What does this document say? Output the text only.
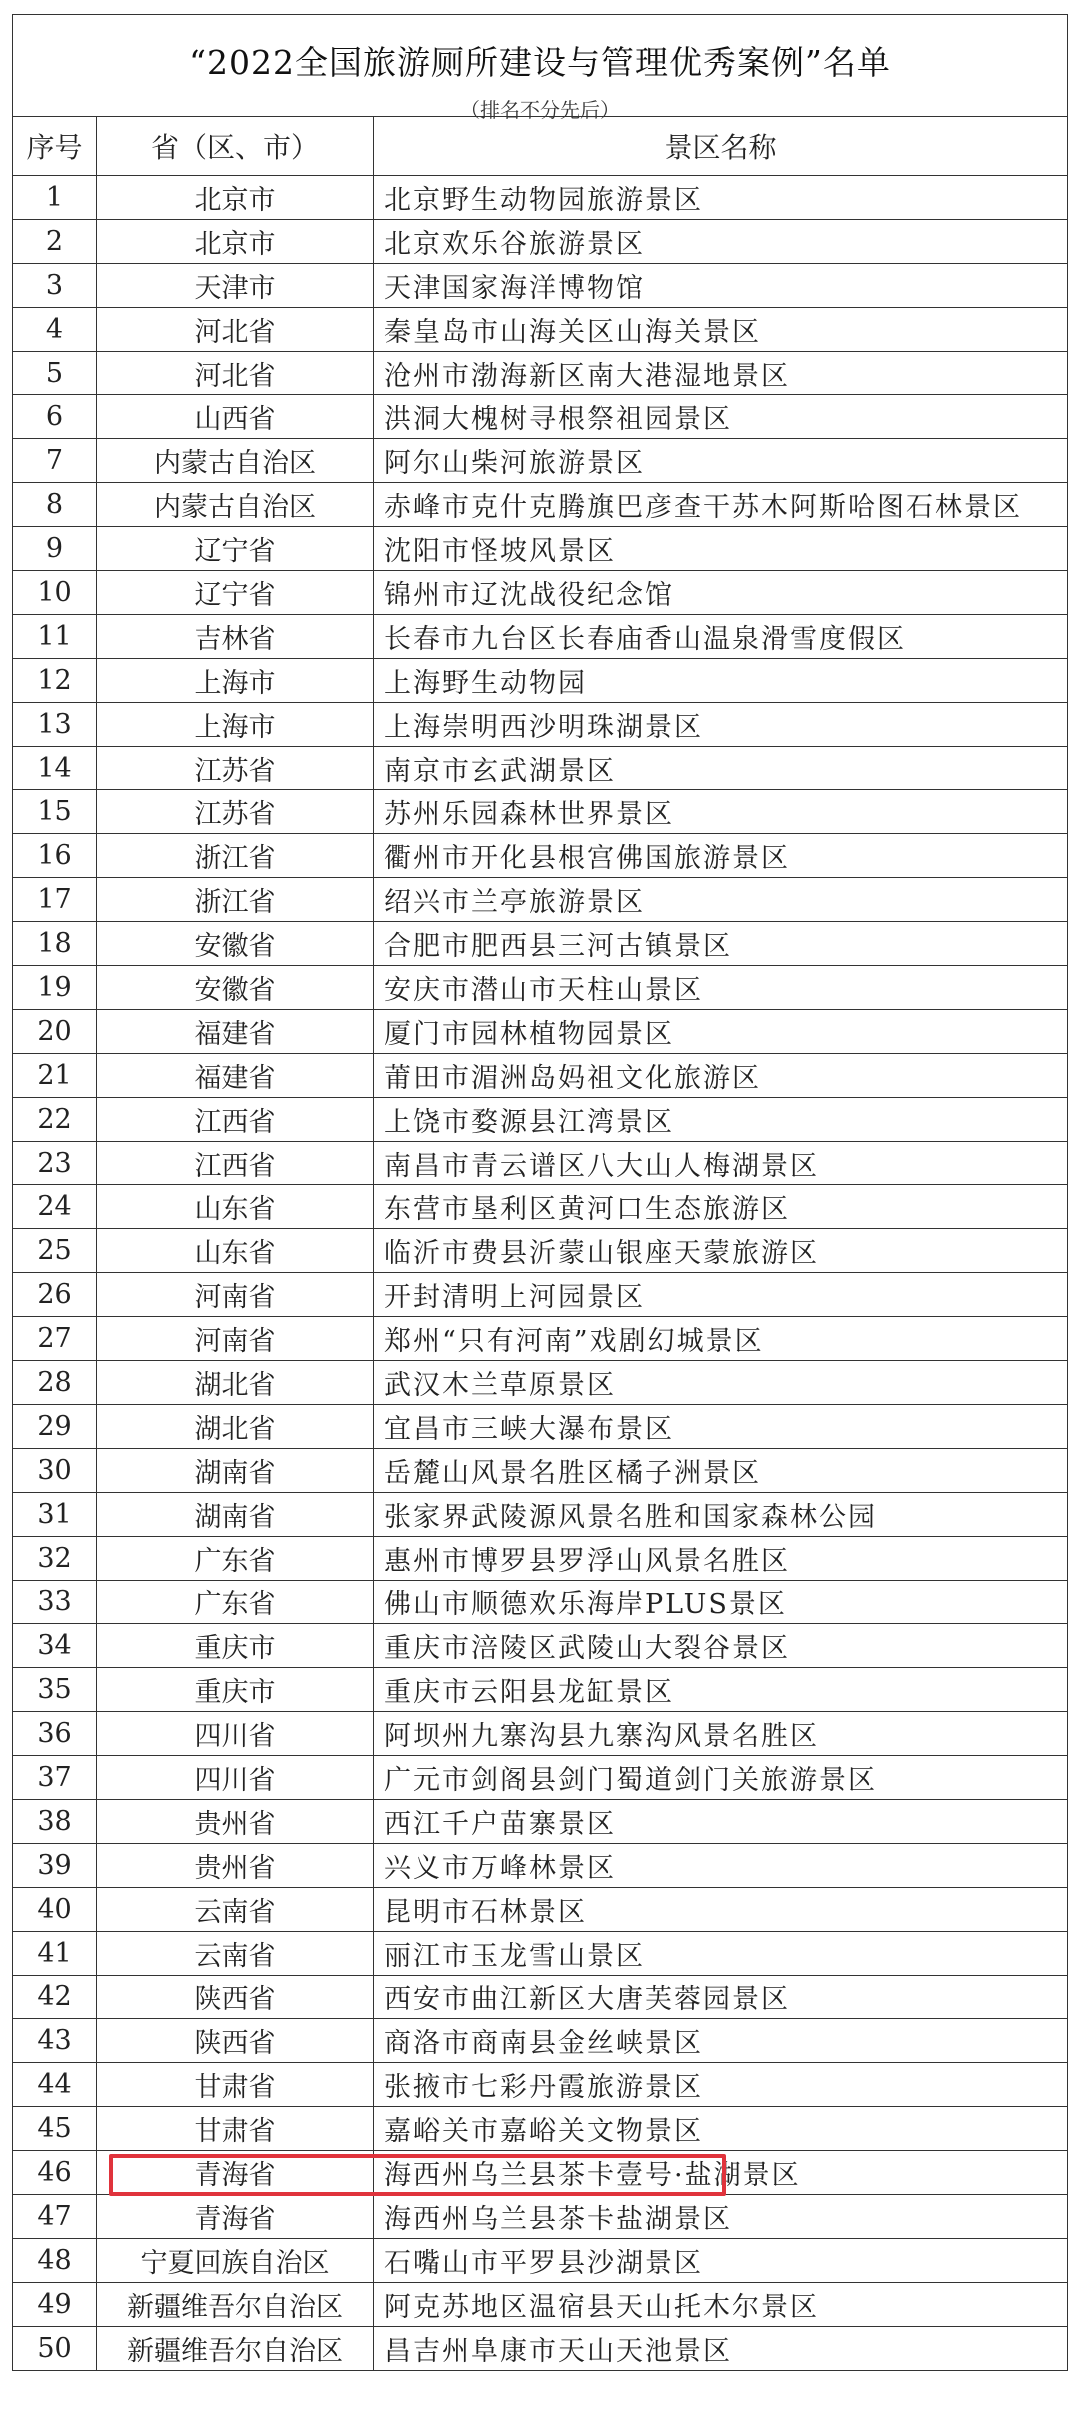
“2022全国旅游厕所建设与管理优秀案例”名单
（排名不分先后）
序号	省（区、市）	景区名称
1	北京市	北京野生动物园旅游景区
2	北京市	北京欢乐谷旅游景区
3	天津市	天津国家海洋博物馆
4	河北省	秦皇岛市山海关区山海关景区
5	河北省	沧州市渤海新区南大港湿地景区
6	山西省	洪洞大槐树寻根祭祖园景区
7	内蒙古自治区	阿尔山柴河旅游景区
8	内蒙古自治区	赤峰市克什克腾旗巴彦查干苏木阿斯哈图石林景区
9	辽宁省	沈阳市怪坡风景区
10	辽宁省	锦州市辽沈战役纪念馆
11	吉林省	长春市九台区长春庙香山温泉滑雪度假区
12	上海市	上海野生动物园
13	上海市	上海崇明西沙明珠湖景区
14	江苏省	南京市玄武湖景区
15	江苏省	苏州乐园森林世界景区
16	浙江省	衢州市开化县根宫佛国旅游景区
17	浙江省	绍兴市兰亭旅游景区
18	安徽省	合肥市肥西县三河古镇景区
19	安徽省	安庆市潜山市天柱山景区
20	福建省	厦门市园林植物园景区
21	福建省	莆田市湄洲岛妈祖文化旅游区
22	江西省	上饶市婺源县江湾景区
23	江西省	南昌市青云谱区八大山人梅湖景区
24	山东省	东营市垦利区黄河口生态旅游区
25	山东省	临沂市费县沂蒙山银座天蒙旅游区
26	河南省	开封清明上河园景区
27	河南省	郑州“只有河南”戏剧幻城景区
28	湖北省	武汉木兰草原景区
29	湖北省	宜昌市三峡大瀑布景区
30	湖南省	岳麓山风景名胜区橘子洲景区
31	湖南省	张家界武陵源风景名胜和国家森林公园
32	广东省	惠州市博罗县罗浮山风景名胜区
33	广东省	佛山市顺德欢乐海岸PLUS景区
34	重庆市	重庆市涪陵区武陵山大裂谷景区
35	重庆市	重庆市云阳县龙缸景区
36	四川省	阿坝州九寨沟县九寨沟风景名胜区
37	四川省	广元市剑阁县剑门蜀道剑门关旅游景区
38	贵州省	西江千户苗寨景区
39	贵州省	兴义市万峰林景区
40	云南省	昆明市石林景区
41	云南省	丽江市玉龙雪山景区
42	陕西省	西安市曲江新区大唐芙蓉园景区
43	陕西省	商洛市商南县金丝峡景区
44	甘肃省	张掖市七彩丹霞旅游景区
45	甘肃省	嘉峪关市嘉峪关文物景区
46	青海省	海西州乌兰县茶卡壹号·盐湖景区
47	青海省	海西州乌兰县茶卡盐湖景区
48	宁夏回族自治区	石嘴山市平罗县沙湖景区
49	新疆维吾尔自治区	阿克苏地区温宿县天山托木尔景区
50	新疆维吾尔自治区	昌吉州阜康市天山天池景区
